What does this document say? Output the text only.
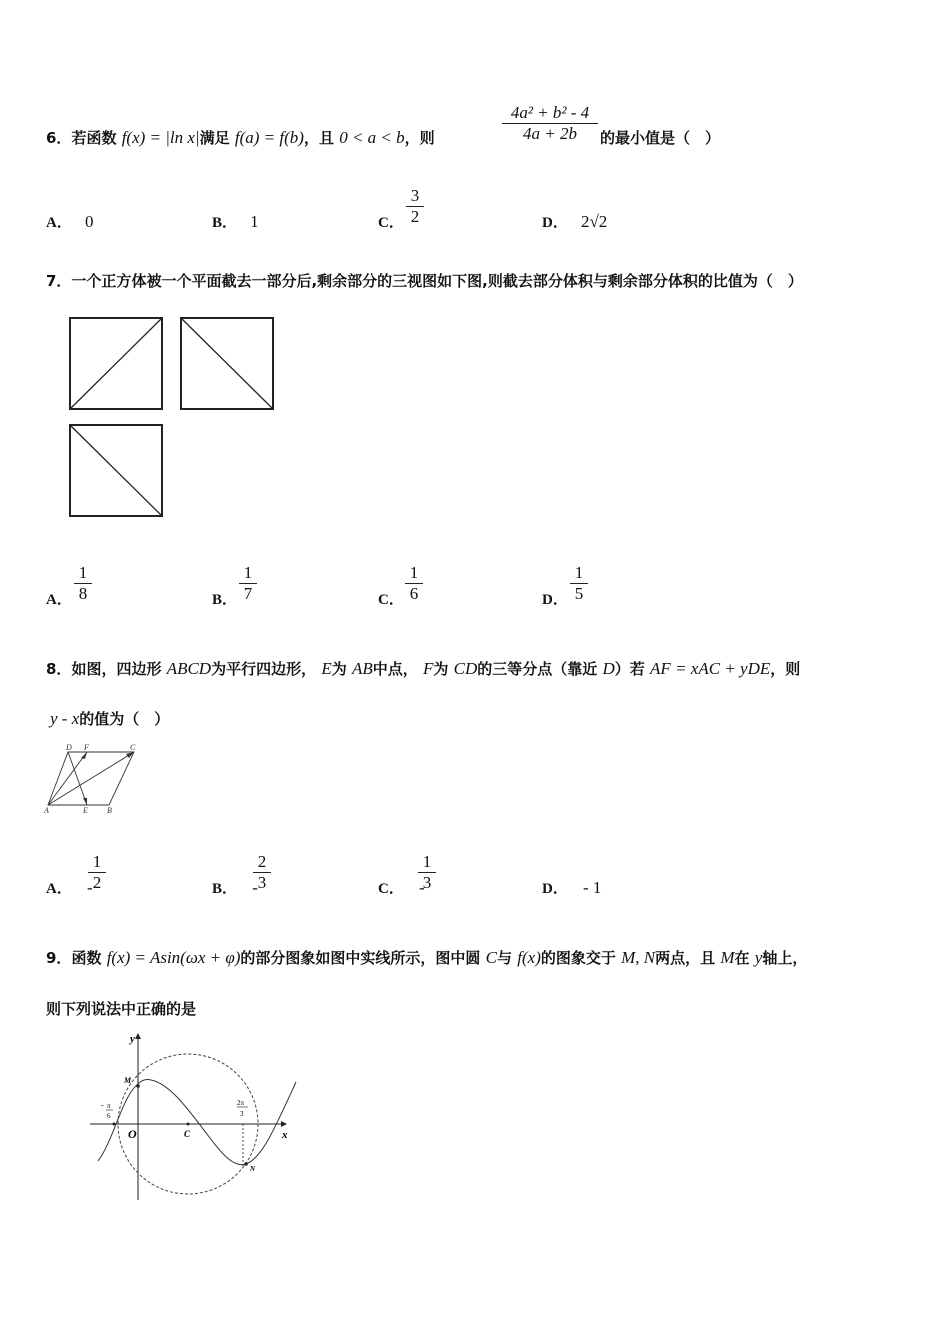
6．若函数 f(x) = |ln x|满足 f(a) = f(b)，且 0 < a < b，则
4a² + b² - 4
4a + 2b 的最小值是（　）
A． 0	B． 1	C．
3
2	D． 2√2
7．一个正方体被一个平面截去一部分后,剩余部分的三视图如下图,则截去部分体积与剩余部分体积的比值为（　）
A．
1
8	B．
1
7	C．
1
6	D．
1
5
8．如图，四边形 ABCD为平行四边形， E为 AB中点， F为 CD的三等分点（靠近 D）若 AF = xAC + yDE，则
y - x的值为（　）
D F	C
A	E B
A． -
1
2	B． -
2
3	C． -
1
3	D． - 1
9．函数 f(x) = Asin(ωx + φ)的部分图象如图中实线所示，图中圆 C与 f(x)的图象交于 M, N两点，且 M在 y轴上，
则下列说法中正确的是
y
x
O
M
N
C
- π
6
2π
3
